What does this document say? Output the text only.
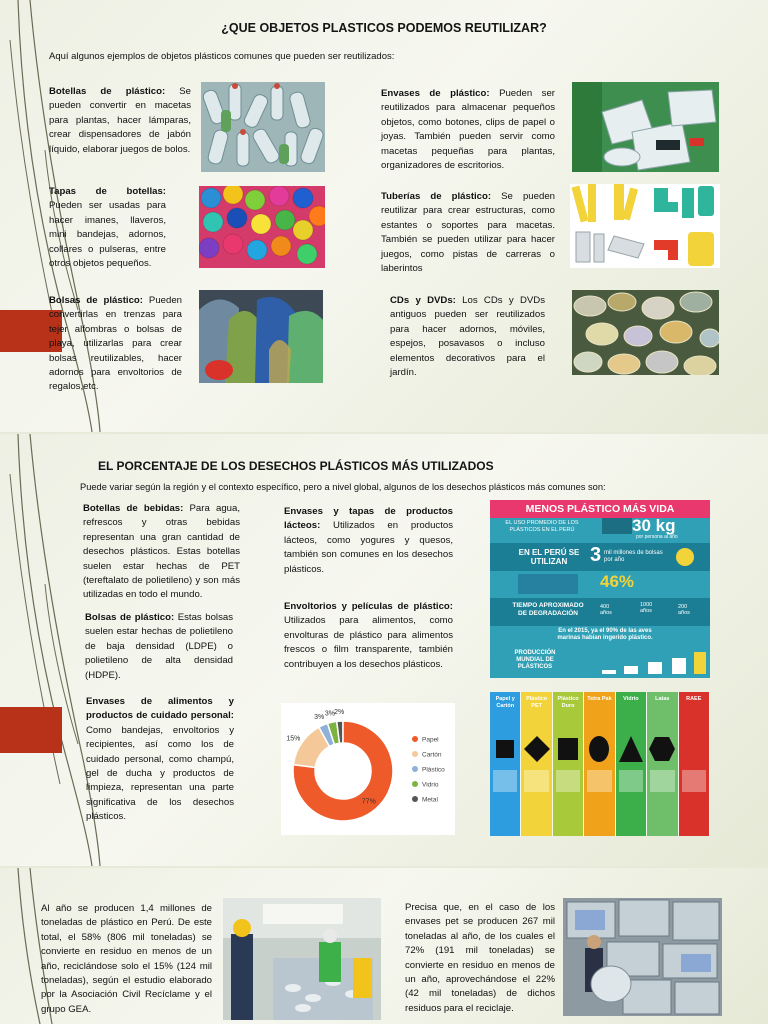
¿QUE OBJETOS PLASTICOS PODEMOS REUTILIZAR?
Aquí algunos ejemplos de objetos plásticos comunes que pueden ser reutilizados:
Botellas de plástico: Se pueden convertir en macetas para plantas, hacer lámparas, crear dispensadores de jabón líquido, elaborar juegos de bolos.
Tapas de botellas: Pueden ser usadas para hacer imanes, llaveros, mini bandejas, adornos, collares o pulseras, entre otros objetos pequeños.
Bolsas de plástico: Pueden convertirlas en trenzas para tejer alfombras o bolsas de playa, utilizarlas para crear bolsas reutilizables, hacer adornos para envoltorios de regalos,etc.
Envases de plástico: Pueden ser reutilizados para almacenar pequeños objetos, como botones, clips de papel o joyas. También pueden servir como macetas pequeñas para plantas, organizadores de escritorios.
Tuberías de plástico: Se pueden reutilizar para crear estructuras, como estantes o soportes para macetas. También se pueden utilizar para hacer juegos, como pistas de carreras o laberintos
CDs y DVDs: Los CDs y DVDs antiguos pueden ser reutilizados para hacer adornos, móviles, espejos, posavasos o incluso elementos decorativos para el jardín.
EL PORCENTAJE DE LOS DESECHOS PLÁSTICOS MÁS UTILIZADOS
Puede variar según la región y el contexto específico, pero a nivel global, algunos de los desechos plásticos más comunes son:
Botellas de bebidas: Para agua, refrescos y otras bebidas representan una gran cantidad de desechos plásticos. Estas botellas suelen estar hechas de PET (tereftalato de polietileno) y son más utilizadas en todo el mundo.
Bolsas de plástico: Estas bolsas suelen estar hechas de polietileno de baja densidad (LDPE) o polietileno de alta densidad (HDPE).
Envases de alimentos y productos de cuidado personal: Como bandejas, envoltorios y recipientes, así como los de cuidado personal, como champú, gel de ducha y productos de limpieza, representan una parte significativa de los desechos plásticos.
Envases y tapas de productos lácteos: Utilizados en productos lácteos, como yogures y quesos, también son comunes en los desechos plásticos.
Envoltorios y películas de plástico: Utilizados para alimentos, como envolturas de plástico para alimentos frescos o film transparente, también contribuyen a los desechos plásticos.
MENOS PLÁSTICO MÁS VIDA
EL USO PROMEDIO DE LOS PLÁSTICOS EN EL PERÚ	30 kg
por persona al año
EN EL PERÚ SE UTILIZAN	3 mil millones de bolsas por año
46%
TIEMPO APROXIMADO DE DEGRADACIÓN
400 años
1000 años
200 años
En el 2015, ya el 90% de las aves marinas habían ingerido plástico.
PRODUCCIÓN MUNDIAL DE PLÁSTICOS
Papel y Cartón
Plástico PET
Plástico Duro
Tetra Pak	Vidrio	Latas	RAEE
15%
3% 3% 2%
77%
Papel
Cartón
Plástico
Vidrio
Metal
Al año se producen 1,4 millones de toneladas de plástico en Perú. De este total, el 58% (806 mil toneladas) se convierte en residuo en menos de un año, reciclándose solo el 15% (124 mil toneladas), según el estudio elaborado por la Asociación Civil Recíclame y el grupo GEA.
Precisa que, en el caso de los envases pet se producen 267 mil toneladas al año, de los cuales el 72% (191 mil toneladas) se convierte en residuo en menos de un año, aprovechándose el 22% (42 mil toneladas) de dichos residuos para el reciclaje.
